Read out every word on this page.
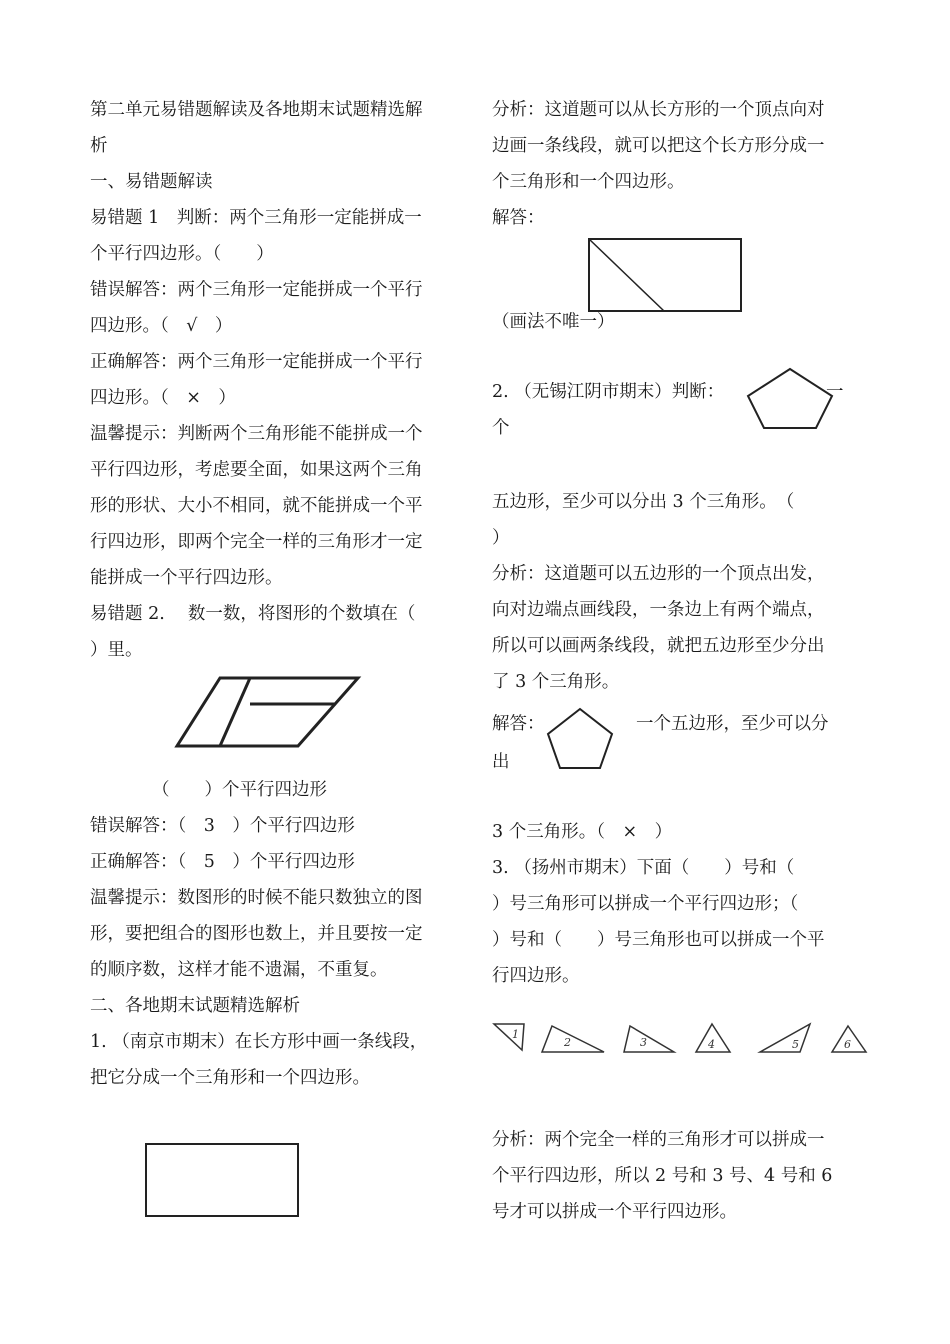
第二单元易错题解读及各地期末试题精选解
析
一、易错题解读
易错题 1　判断：两个三角形一定能拼成一
个平行四边形。（　　）
错误解答：两个三角形一定能拼成一个平行
四边形。（　√　）
正确解答：两个三角形一定能拼成一个平行
四边形。（　×　）
温馨提示：判断两个三角形能不能拼成一个
平行四边形，考虑要全面，如果这两个三角
形的形状、大小不相同，就不能拼成一个平
行四边形，即两个完全一样的三角形才一定
能拼成一个平行四边形。
易错题 2.　 数一数，将图形的个数填在（
）里。
（　　）个平行四边形
错误解答：（　3　）个平行四边形
正确解答：（　5　）个平行四边形
温馨提示：数图形的时候不能只数独立的图
形，要把组合的图形也数上，并且要按一定
的顺序数，这样才能不遗漏，不重复。
二、各地期末试题精选解析
1. （南京市期末）在长方形中画一条线段，
把它分成一个三角形和一个四边形。
分析：这道题可以从长方形的一个顶点向对
边画一条线段，就可以把这个长方形分成一
个三角形和一个四边形。
解答：
（画法不唯一）
2. （无锡江阴市期末）判断：	一
个
五边形，至少可以分出 3 个三角形。　（
）
分析：这道题可以五边形的一个顶点出发，
向对边端点画线段，一条边上有两个端点，
所以可以画两条线段，就把五边形至少分出
了 3 个三角形。
解答：	一个五边形，至少可以分
出
3 个三角形。（　×　）
3. （扬州市期末）下面（　　）号和（
）号三角形可以拼成一个平行四边形；（
）号和（　　）号三角形也可以拼成一个平
行四边形。
1
2	3	4	5	6
分析：两个完全一样的三角形才可以拼成一
个平行四边形，所以 2 号和 3 号、4 号和 6
号才可以拼成一个平行四边形。
